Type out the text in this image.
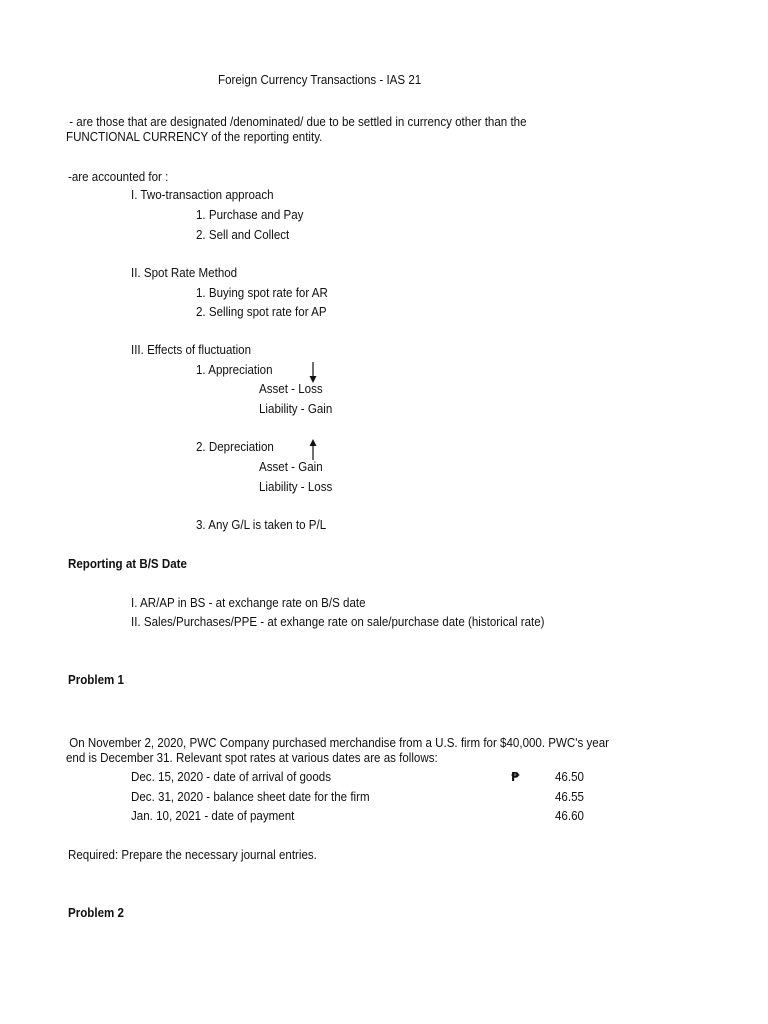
Foreign Currency Transactions - IAS 21
- are those that are designated /denominated/ due to be settled in currency other than the
FUNCTIONAL CURRENCY of the reporting entity.
-are accounted for :
I. Two-transaction approach
1. Purchase and Pay
2. Sell and Collect
II. Spot Rate Method
1. Buying spot rate for AR
2. Selling spot rate for AP
III. Effects of fluctuation
1. Appreciation
Asset - Loss
Liability - Gain
2. Depreciation
Asset - Gain
Liability - Loss
3. Any G/L is taken to P/L
Reporting at B/S Date
I. AR/AP in BS - at exchange rate on B/S date
II. Sales/Purchases/PPE - at exhange rate on sale/purchase date (historical rate)
Problem 1
On November 2, 2020, PWC Company purchased merchandise from a U.S. firm for $40,000. PWC's year
end is December 31. Relevant spot rates at various dates are as follows:
Dec. 15, 2020 - date of arrival of goods	₱	46.50
Dec. 31, 2020 - balance sheet date for the firm	46.55
Jan. 10, 2021 - date of payment	46.60
Required: Prepare the necessary journal entries.
Problem 2
